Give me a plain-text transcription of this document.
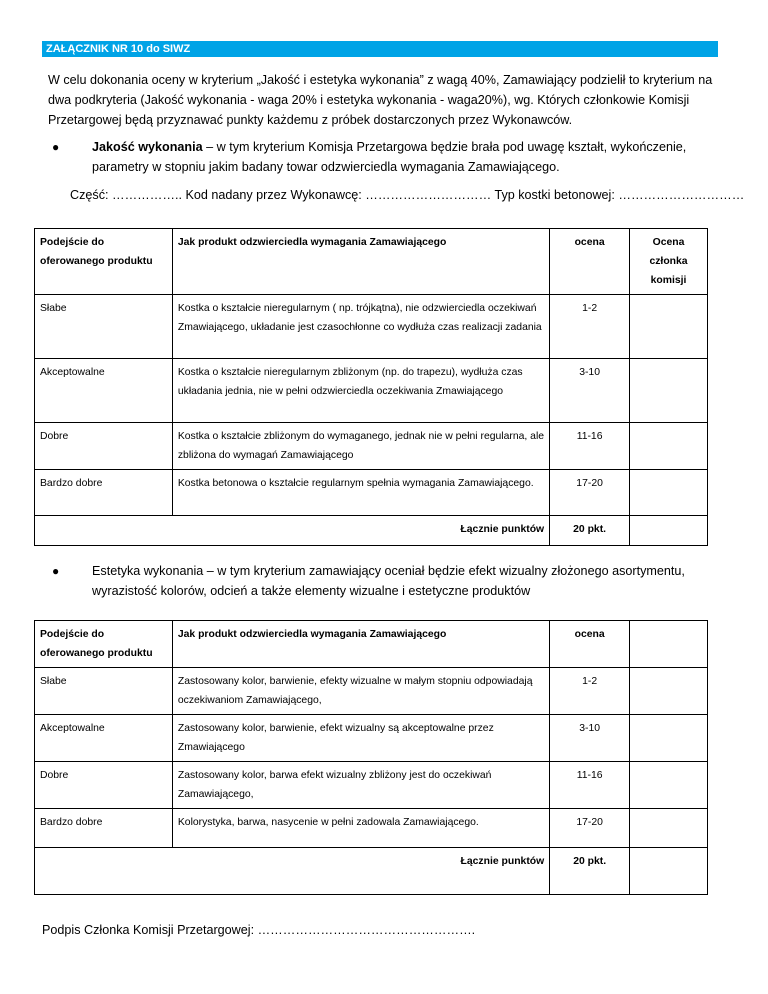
ZAŁĄCZNIK NR 10 do SIWZ
W celu dokonania oceny w kryterium „Jakość i estetyka wykonania” z wagą 40%, Zamawiający podzielił to kryterium na dwa podkryteria (Jakość wykonania - waga 20% i estetyka wykonania - waga20%), wg. Których członkowie Komisji Przetargowej będą przyznawać punkty każdemu z próbek dostarczonych przez Wykonawców.
●	Jakość wykonania – w tym kryterium Komisja Przetargowa będzie brała pod uwagę kształt, wykończenie, parametry w stopniu jakim badany towar odzwierciedla wymagania Zamawiającego.
Część: …………….. Kod nadany przez Wykonawcę: ………………………… Typ kostki betonowej: …………………………
Podejście do oferowanego produktu	Jak produkt odzwierciedla wymagania Zamawiającego	ocena	Ocena członka komisji
Słabe	Kostka o kształcie nieregularnym ( np. trójkątna), nie odzwierciedla oczekiwań Zmawiającego, układanie jest czasochłonne co wydłuża czas realizacji zadania	1-2	
Akceptowalne	Kostka o kształcie nieregularnym zbliżonym (np. do trapezu), wydłuża czas układania jednia, nie w pełni odzwierciedla oczekiwania Zmawiającego	3-10	
Dobre	Kostka o kształcie zbliżonym do wymaganego, jednak nie w pełni regularna, ale zbliżona do wymagań Zamawiającego	11-16	
Bardzo dobre	Kostka betonowa o kształcie regularnym spełnia wymagania Zamawiającego.	17-20	
Łącznie punktów		20 pkt.	
●	Estetyka wykonania – w tym kryterium zamawiający oceniał będzie efekt wizualny złożonego asortymentu, wyrazistość kolorów, odcień a także elementy wizualne i estetyczne produktów
Podejście do oferowanego produktu	Jak produkt odzwierciedla wymagania Zamawiającego	ocena	
Słabe	Zastosowany kolor, barwienie, efekty wizualne w małym stopniu odpowiadają oczekiwaniom Zamawiającego,	1-2	
Akceptowalne	Zastosowany kolor, barwienie, efekt wizualny są akceptowalne przez Zmawiającego	3-10	
Dobre	Zastosowany kolor, barwa efekt wizualny zbliżony jest do oczekiwań Zamawiającego,	11-16	
Bardzo dobre	Kolorystyka, barwa, nasycenie w pełni zadowala Zamawiającego.	17-20	
Łącznie punktów		20 pkt.	
Podpis Członka Komisji Przetargowej: …………………………………………….
